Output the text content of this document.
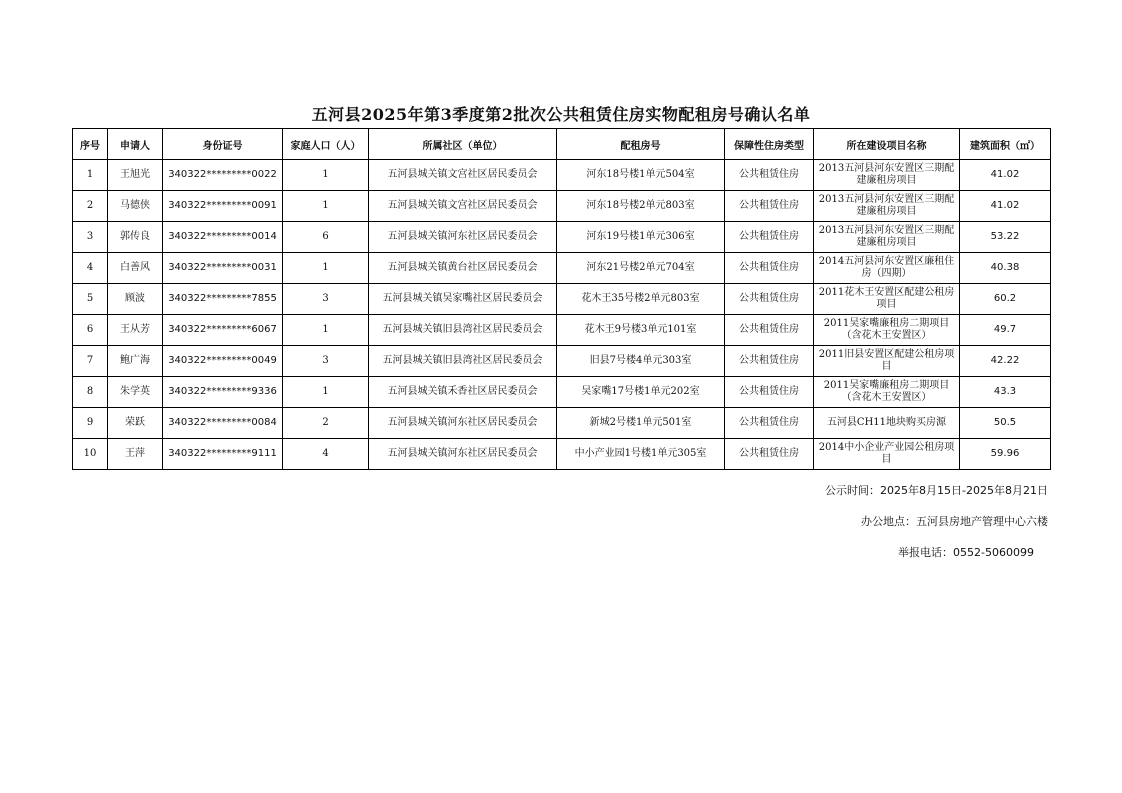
五河县2025年第3季度第2批次公共租赁住房实物配租房号确认名单
序号	申请人	身份证号	家庭人口（人）	所属社区（单位）	配租房号	保障性住房类型	所在建设项目名称	建筑面积（㎡）
1	王旭光	340322*********0022	1	五河县城关镇文宫社区居民委员会	河东18号楼1单元504室	公共租赁住房	2013五河县河东安置区三期配建廉租房项目	41.02
2	马德侠	340322*********0091	1	五河县城关镇文宫社区居民委员会	河东18号楼2单元803室	公共租赁住房	2013五河县河东安置区三期配建廉租房项目	41.02
3	郭传良	340322*********0014	6	五河县城关镇河东社区居民委员会	河东19号楼1单元306室	公共租赁住房	2013五河县河东安置区三期配建廉租房项目	53.22
4	白善风	340322*********0031	1	五河县城关镇黄台社区居民委员会	河东21号楼2单元704室	公共租赁住房	2014五河县河东安置区廉租住房（四期）	40.38
5	顾波	340322*********7855	3	五河县城关镇吴家嘴社区居民委员会	花木王35号楼2单元803室	公共租赁住房	2011花木王安置区配建公租房项目	60.2
6	王从芳	340322*********6067	1	五河县城关镇旧县湾社区居民委员会	花木王9号楼3单元101室	公共租赁住房	2011吴家嘴廉租房二期项目（含花木王安置区）	49.7
7	鲍广海	340322*********0049	3	五河县城关镇旧县湾社区居民委员会	旧县7号楼4单元303室	公共租赁住房	2011旧县安置区配建公租房项目	42.22
8	朱学英	340322*********9336	1	五河县城关镇禾香社区居民委员会	吴家嘴17号楼1单元202室	公共租赁住房	2011吴家嘴廉租房二期项目（含花木王安置区）	43.3
9	荣跃	340322*********0084	2	五河县城关镇河东社区居民委员会	新城2号楼1单元501室	公共租赁住房	五河县CH11地块购买房源	50.5
10	王萍	340322*********9111	4	五河县城关镇河东社区居民委员会	中小产业园1号楼1单元305室	公共租赁住房	2014中小企业产业园公租房项目	59.96
公示时间：2025年8月15日-2025年8月21日
办公地点：五河县房地产管理中心六楼
举报电话：0552-5060099
